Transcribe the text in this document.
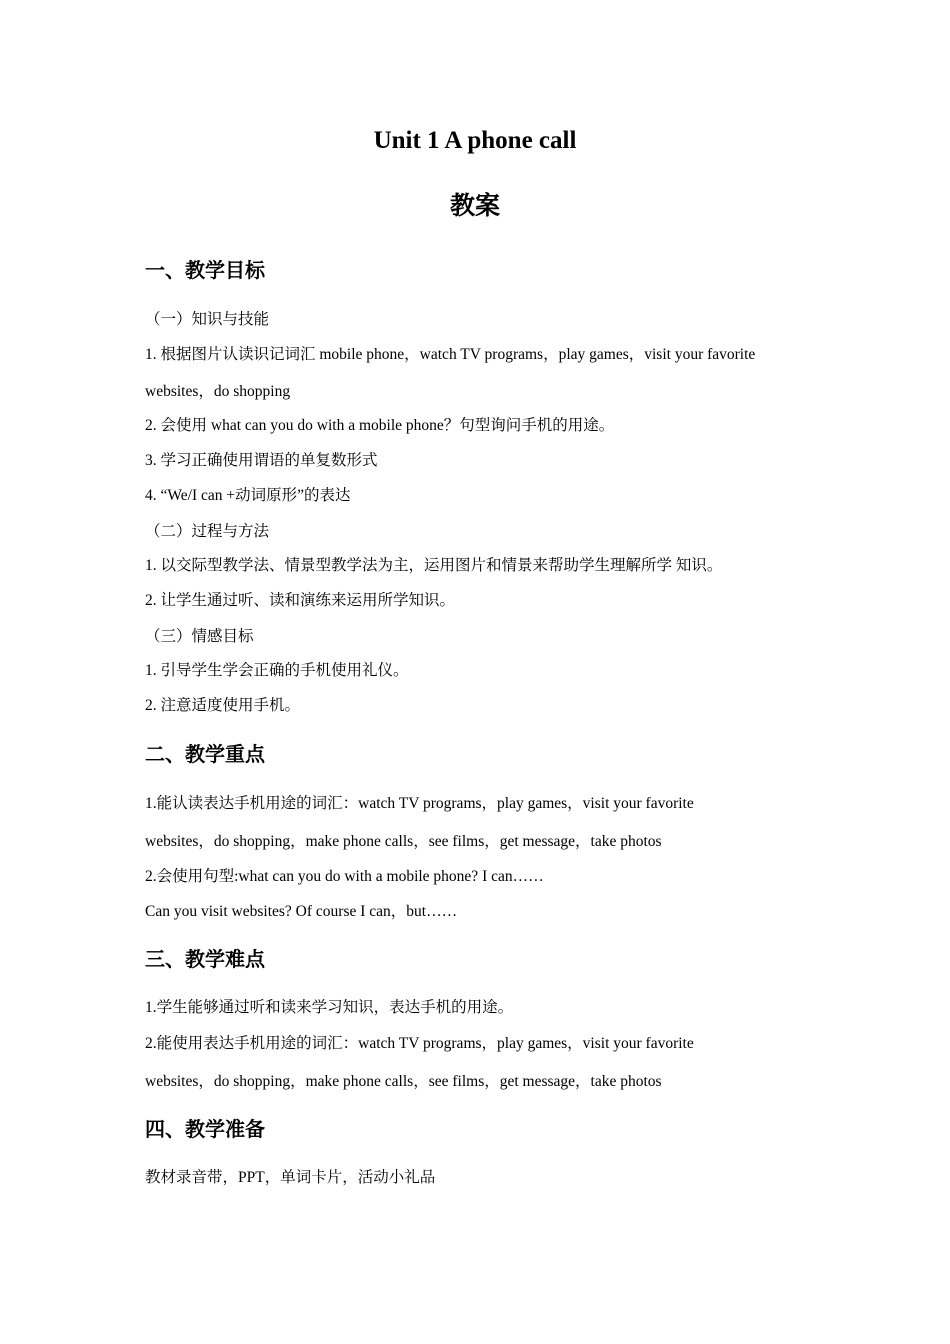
Unit 1 A phone call
教案
一、教学目标
（一）知识与技能
1. 根据图片认读识记词汇 mobile phone，watch TV programs，play games，visit your favorite
websites，do shopping
2. 会使用 what can you do with a mobile phone？句型询问手机的用途。
3. 学习正确使用谓语的单复数形式
4. “We/I can +动词原形”的表达
（二）过程与方法
1. 以交际型教学法、情景型教学法为主，运用图片和情景来帮助学生理解所学 知识。
2. 让学生通过听、读和演练来运用所学知识。
（三）情感目标
1. 引导学生学会正确的手机使用礼仪。
2. 注意适度使用手机。
二、教学重点
1.能认读表达手机用途的词汇：watch TV programs，play games，visit your favorite
websites，do shopping，make phone calls，see films，get message，take photos
2.会使用句型:what can you do with a mobile phone? I can……
Can you visit websites? Of course I can，but……
三、教学难点
1.学生能够通过听和读来学习知识，表达手机的用途。
2.能使用表达手机用途的词汇：watch TV programs，play games，visit your favorite
websites，do shopping，make phone calls，see films，get message，take photos
四、教学准备
教材录音带，PPT，单词卡片，活动小礼品
